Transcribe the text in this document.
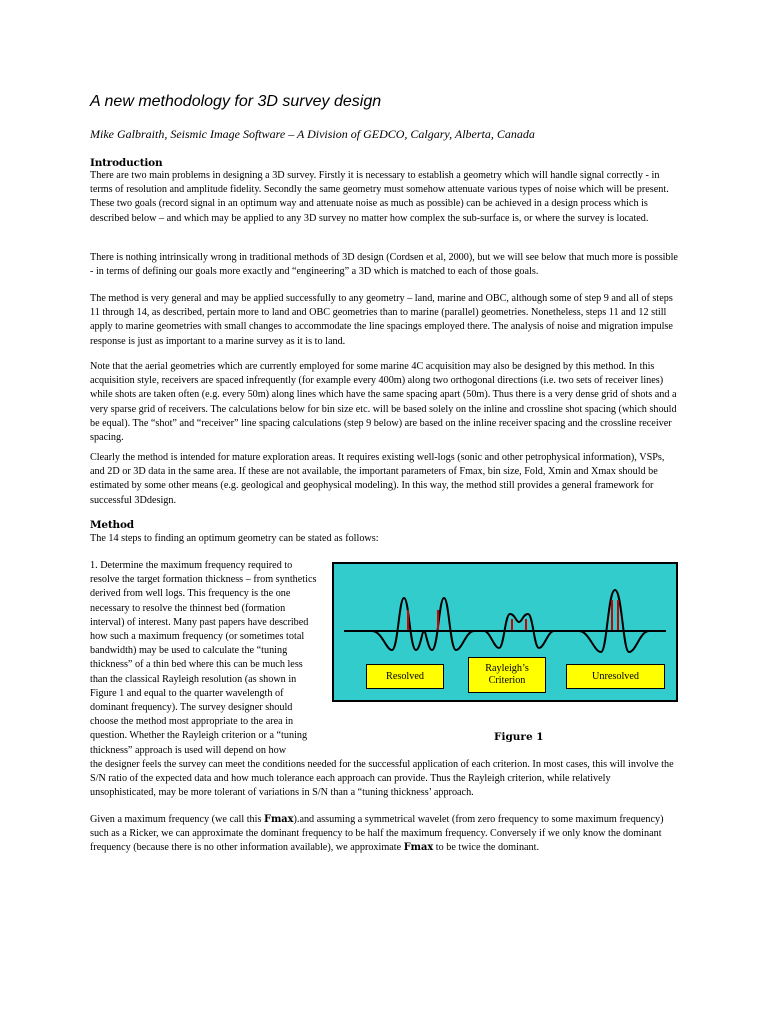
A new methodology for 3D survey design

Mike Galbraith, Seismic Image Software – A Division of GEDCO, Calgary, Alberta, Canada

Introduction

There are two main problems in designing a 3D survey. Firstly it is necessary to establish a geometry which will handle signal correctly - in terms of resolution and amplitude fidelity. Secondly the same geometry must somehow attenuate various types of noise which will be present. These two goals (record signal in an optimum way and attenuate noise as much as possible) can be achieved in a design process which is described below – and which may be applied to any 3D survey no matter how complex the sub-surface is, or where the survey is located.

There is nothing intrinsically wrong in traditional methods of 3D design (Cordsen et al, 2000), but we will see below that much more is possible - in terms of defining our goals more exactly and “engineering” a 3D which is matched to each of those goals.

The method is very general and may be applied successfully to any geometry – land, marine and OBC, although some of step 9 and all of steps 11 through 14, as described, pertain more to land and OBC geometries than to marine (parallel) geometries. Nonetheless, steps 11 and 12 still apply to marine geometries with small changes to accommodate the line spacings employed there. The analysis of noise and migration impulse response is just as important to a marine survey as it is to land.

Note that the aerial geometries which are currently employed for some marine 4C acquisition may also be designed by this method. In this acquisition style, receivers are spaced infrequently (for example every 400m) along two orthogonal directions (i.e. two sets of receiver lines) while shots are taken often (e.g. every 50m) along lines which have the same spacing apart (50m). Thus there is a very dense grid of shots and a very sparse grid of receivers. The calculations below for bin size etc. will be based solely on the inline and crossline shot spacing (which should be equal). The “shot” and “receiver” line spacing calculations (step 9 below) are based on the inline receiver spacing and the crossline receiver spacing.

Clearly the method is intended for mature exploration areas. It requires existing well-logs (sonic and other petrophysical information), VSPs, and 2D or 3D data in the same area. If these are not available, the important parameters of Fmax, bin size, Fold, Xmin and Xmax should be estimated by some other means (e.g. geological and geophysical modeling). In this way, the method still provides a general framework for successful 3Ddesign.

Method

The 14 steps to finding an optimum geometry can be stated as follows:

1. Determine the maximum frequency required to resolve the target formation thickness – from synthetics derived from well logs. This frequency is the one necessary to resolve the thinnest bed (formation interval) of interest. Many past papers have described how such a maximum frequency (or sometimes total bandwidth) may be used to calculate the “tuning thickness” of a thin bed where this can be much less than the classical Rayleigh resolution (as shown in Figure 1 and equal to the quarter wavelength of dominant frequency). The survey designer should choose the method most appropriate to the area in question. Whether the Rayleigh criterion or a “tuning thickness” approach is used will depend on how

the designer feels the survey can meet the conditions needed for the successful application of each criterion. In most cases, this will involve the S/N ratio of the expected data and how much tolerance each approach can provide. Thus the Rayleigh criterion, while relatively unsophisticated, may be more tolerant of variations in S/N than a “tuning thickness’ approach.

Given a maximum frequency (we call this Fmax).and assuming a symmetrical wavelet (from zero frequency to some maximum frequency) such as a Ricker, we can approximate the dominant frequency to be half the maximum frequency. Conversely if we only know the dominant frequency (because there is no other information available), we approximate Fmax to be twice the dominant.

Resolved
Rayleigh’s
Criterion	Unresolved
Figure 1
